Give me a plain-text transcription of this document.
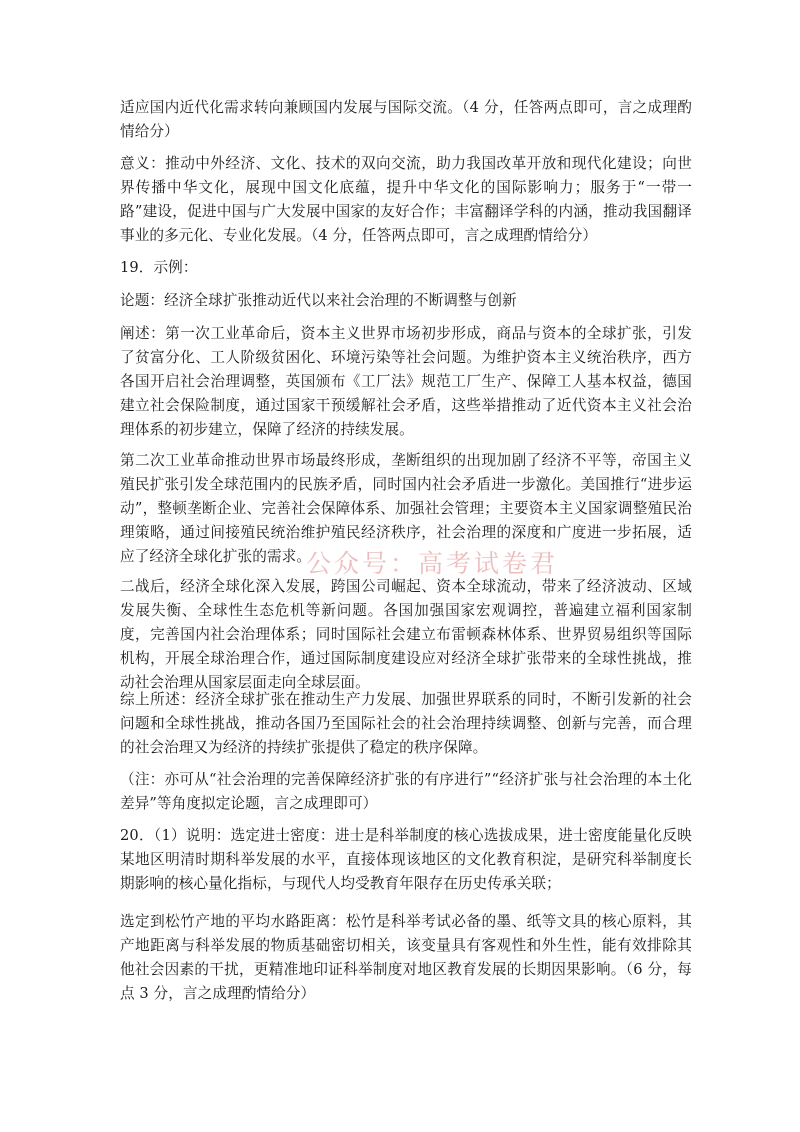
适应国内近代化需求转向兼顾国内发展与国际交流。（4 分，任答两点即可，言之成理酌情给分）

意义：推动中外经济、文化、技术的双向交流，助力我国改革开放和现代化建设；向世界传播中华文化，展现中国文化底蕴，提升中华文化的国际影响力；服务于“一带一路”建设，促进中国与广大发展中国家的友好合作；丰富翻译学科的内涵，推动我国翻译事业的多元化、专业化发展。（4 分，任答两点即可，言之成理酌情给分）

19．示例：

论题：经济全球扩张推动近代以来社会治理的不断调整与创新

阐述：第一次工业革命后，资本主义世界市场初步形成，商品与资本的全球扩张，引发了贫富分化、工人阶级贫困化、环境污染等社会问题。为维护资本主义统治秩序，西方各国开启社会治理调整，英国颁布《工厂法》规范工厂生产、保障工人基本权益，德国建立社会保险制度，通过国家干预缓解社会矛盾，这些举措推动了近代资本主义社会治理体系的初步建立，保障了经济的持续发展。

第二次工业革命推动世界市场最终形成，垄断组织的出现加剧了经济不平等，帝国主义殖民扩张引发全球范围内的民族矛盾，同时国内社会矛盾进一步激化。美国推行“进步运动”，整顿垄断企业、完善社会保障体系、加强社会管理；主要资本主义国家调整殖民治理策略，通过间接殖民统治维护殖民经济秩序，社会治理的深度和广度进一步拓展，适应了经济全球化扩张的需求。

二战后，经济全球化深入发展，跨国公司崛起、资本全球流动，带来了经济波动、区域发展失衡、全球性生态危机等新问题。各国加强国家宏观调控，普遍建立福利国家制度，完善国内社会治理体系；同时国际社会建立布雷顿森林体系、世界贸易组织等国际机构，开展全球治理合作，通过国际制度建设应对经济全球扩张带来的全球性挑战，推动社会治理从国家层面走向全球层面。

综上所述：经济全球扩张在推动生产力发展、加强世界联系的同时，不断引发新的社会问题和全球性挑战，推动各国乃至国际社会的社会治理持续调整、创新与完善，而合理的社会治理又为经济的持续扩张提供了稳定的秩序保障。

（注：亦可从“社会治理的完善保障经济扩张的有序进行”“经济扩张与社会治理的本土化差异”等角度拟定论题，言之成理即可）

20．（1）说明：选定进士密度：进士是科举制度的核心选拔成果，进士密度能量化反映某地区明清时期科举发展的水平，直接体现该地区的文化教育积淀，是研究科举制度长期影响的核心量化指标，与现代人均受教育年限存在历史传承关联；

选定到松竹产地的平均水路距离：松竹是科举考试必备的墨、纸等文具的核心原料，其产地距离与科举发展的物质基础密切相关，该变量具有客观性和外生性，能有效排除其他社会因素的干扰，更精准地印证科举制度对地区教育发展的长期因果影响。（6 分，每点 3 分，言之成理酌情给分）

公众号：高考试卷君
